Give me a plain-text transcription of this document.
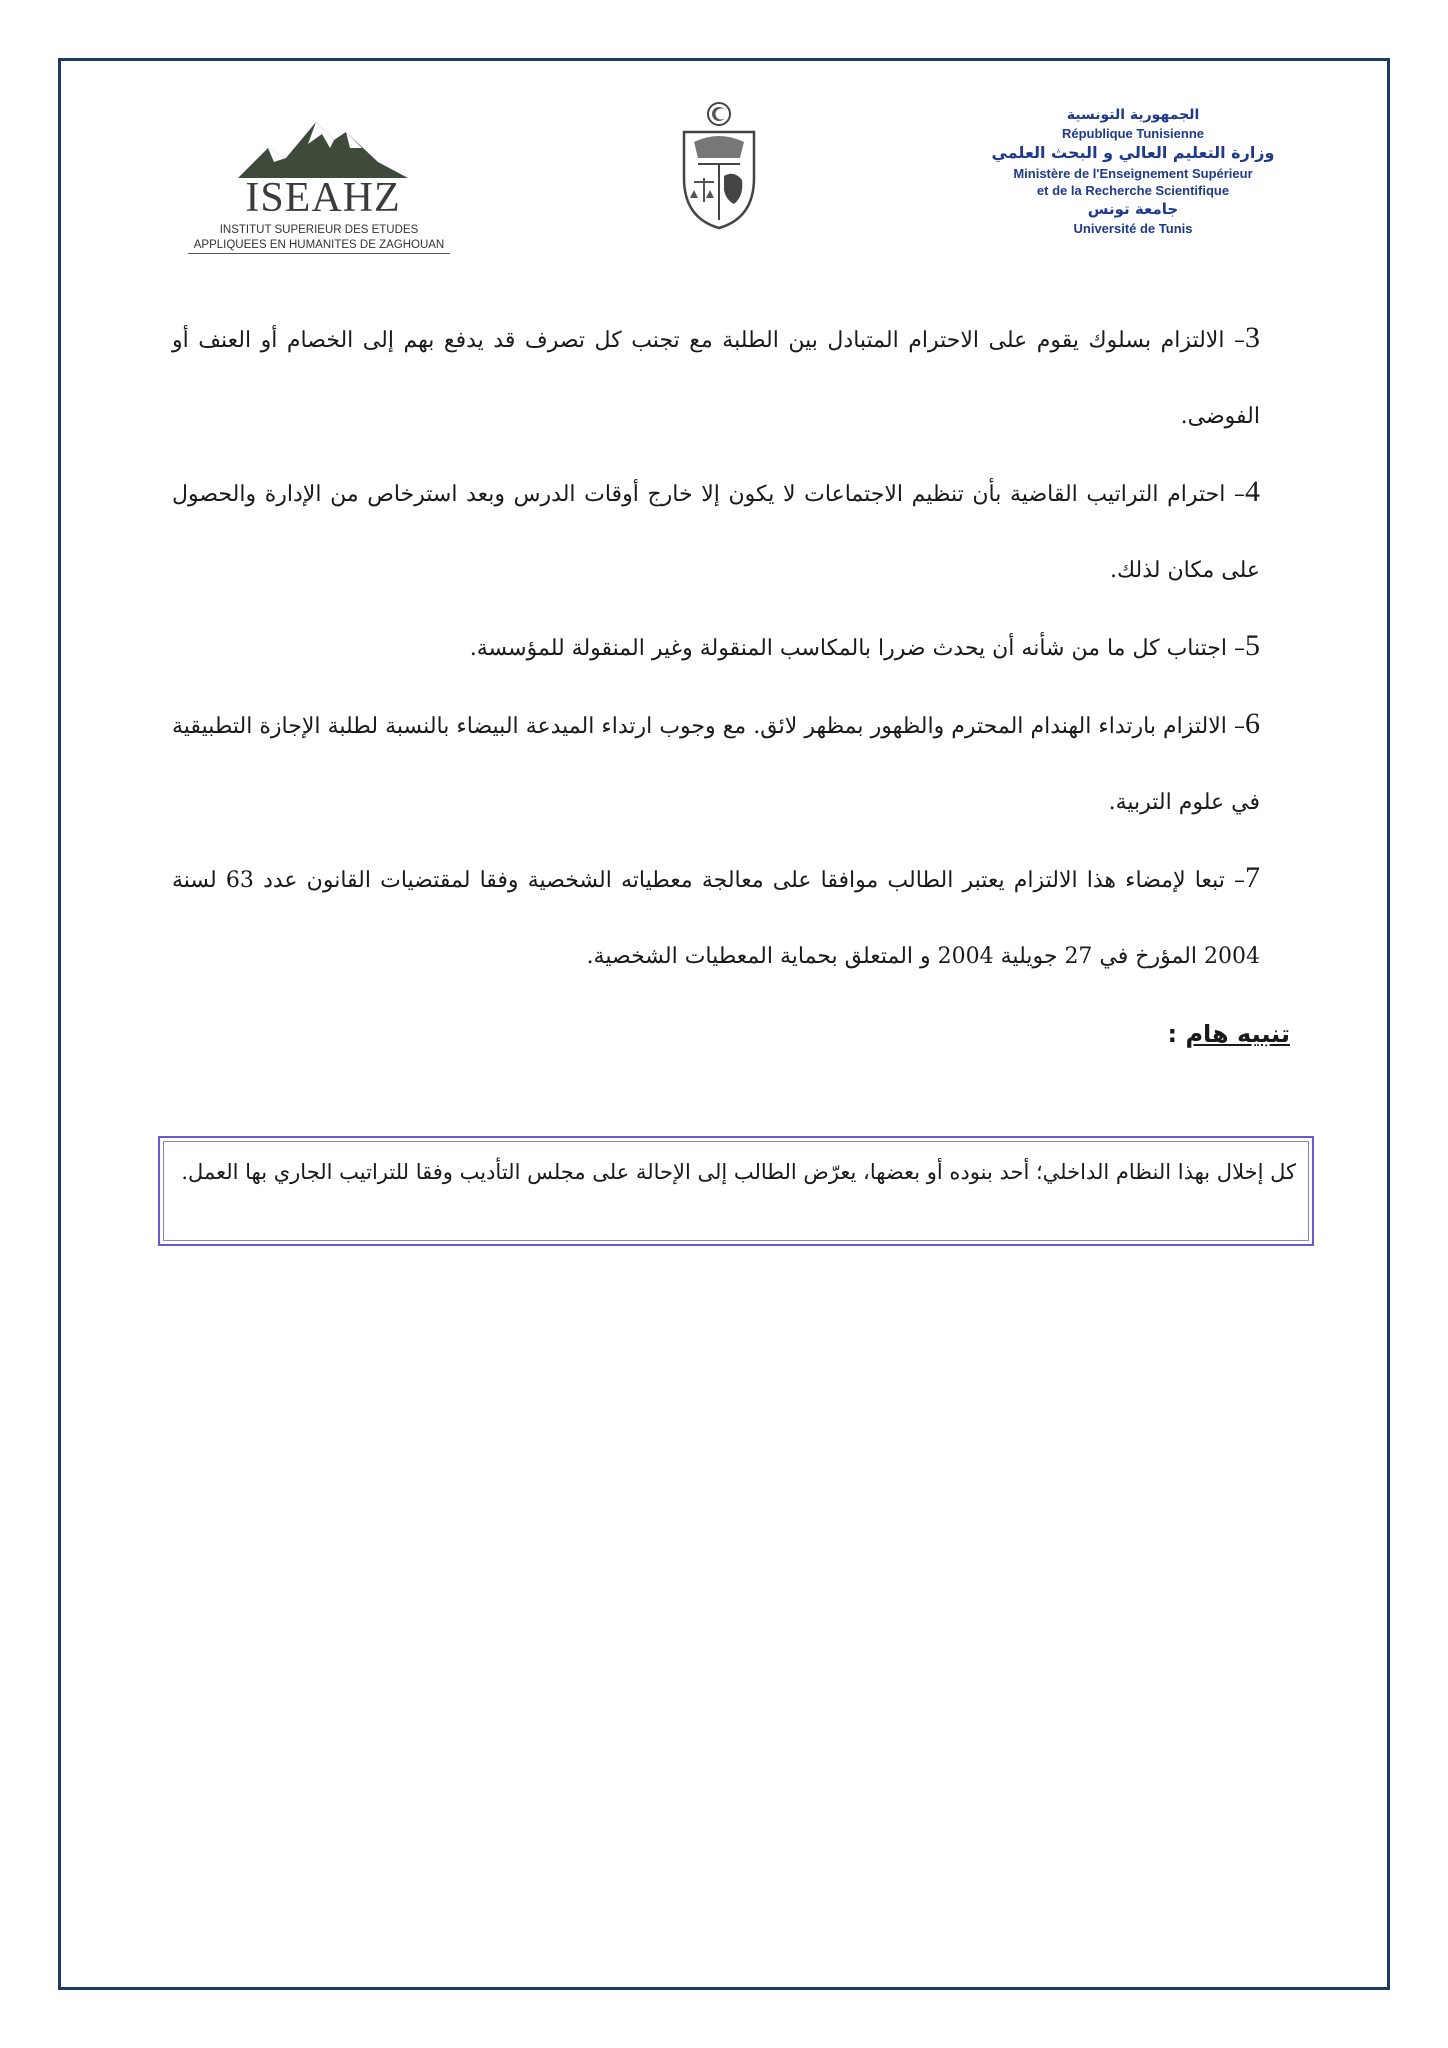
ISEAHZ
INSTITUT SUPERIEUR DES ETUDES
APPLIQUEES EN HUMANITES DE ZAGHOUAN
الجمهورية التونسية
République Tunisienne
وزارة التعليم العالي و البحث العلمي
Ministère de l'Enseignement Supérieur
et de la Recherche Scientifique
جامعة تونس
Université de Tunis
3– الالتزام بسلوك يقوم على الاحترام المتبادل بين الطلبة مع تجنب كل تصرف قد يدفع بهم إلى الخصام أو العنف أو الفوضى.
4– احترام التراتيب القاضية بأن تنظيم الاجتماعات لا يكون إلا خارج أوقات الدرس وبعد استرخاص من الإدارة والحصول على مكان لذلك.
5– اجتناب كل ما من شأنه أن يحدث ضررا بالمكاسب المنقولة وغير المنقولة للمؤسسة.
6– الالتزام بارتداء الهندام المحترم والظهور بمظهر لائق. مع وجوب ارتداء الميدعة البيضاء بالنسبة لطلبة الإجازة التطبيقية في علوم التربية.
7– تبعا لإمضاء هذا الالتزام يعتبر الطالب موافقا على معالجة معطياته الشخصية وفقا لمقتضيات القانون عدد 63 لسنة 2004 المؤرخ في 27 جويلية 2004 و المتعلق بحماية المعطيات الشخصية.
تنبيه هام :
كل إخلال بهذا النظام الداخلي؛ أحد بنوده أو بعضها، يعرّض الطالب إلى الإحالة على مجلس التأديب وفقا للتراتيب الجاري بها العمل.
